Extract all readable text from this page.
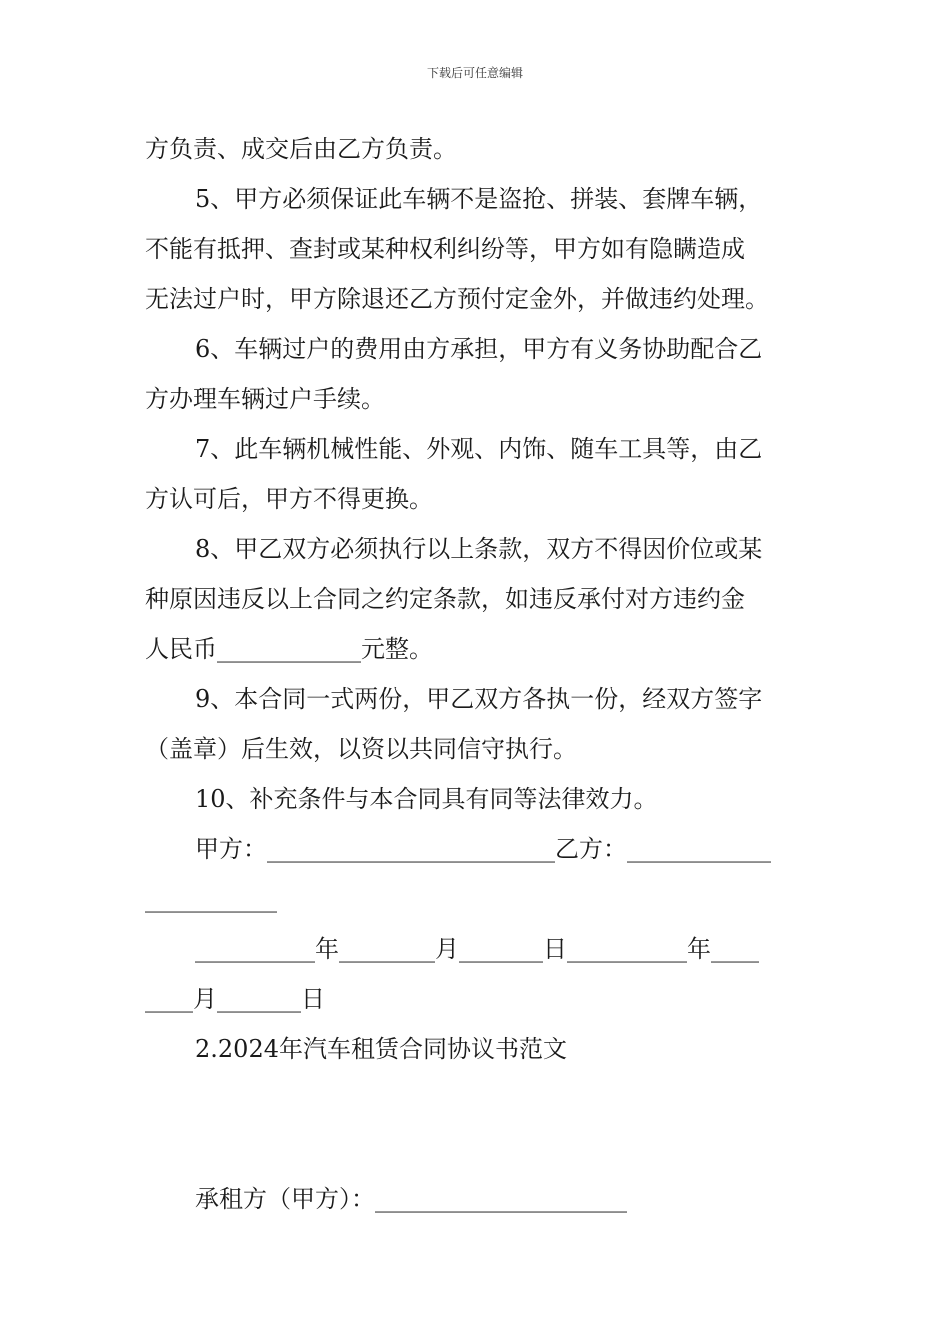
下载后可任意编辑
方负责、成交后由乙方负责。
5、甲方必须保证此车辆不是盗抢、拼装、套牌车辆，
不能有抵押、查封或某种权利纠纷等，甲方如有隐瞒造成
无法过户时，甲方除退还乙方预付定金外，并做违约处理。
6、车辆过户的费用由方承担，甲方有义务协助配合乙
方办理车辆过户手续。
7、此车辆机械性能、外观、内饰、随车工具等，由乙
方认可后，甲方不得更换。
8、甲乙双方必须执行以上条款，双方不得因价位或某
种原因违反以上合同之约定条款，如违反承付对方违约金
人民币____________元整。
9、本合同一式两份，甲乙双方各执一份，经双方签字
（盖章）后生效，以资以共同信守执行。
10、补充条件与本合同具有同等法律效力。
甲方：________________________乙方：____________
___________
__________年________月_______日__________年____
____月_______日
2.2024年汽车租赁合同协议书范文
承租方（甲方）：_____________________
